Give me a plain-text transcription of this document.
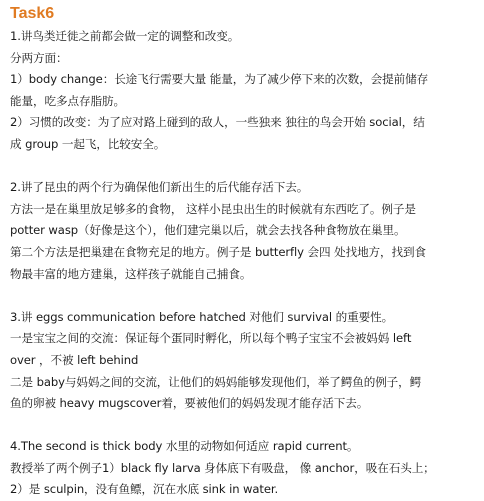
Task6
1.讲鸟类迁徙之前都会做一定的调整和改变。
分两方面：
1）body change：长途飞行需要大量 能量，为了减少停下来的次数，会提前储存
能量，吃多点存脂肪。
2）习惯的改变：为了应对路上碰到的敌人，一些独来 独往的鸟会开始 social，结
成 group 一起飞，比较安全。
2.讲了昆虫的两个行为确保他们新出生的后代能存活下去。
方法一是在巢里放足够多的食物， 这样小昆虫出生的时候就有东西吃了。例子是
potter wasp（好像是这个），他们建完巢以后，就会去找各种食物放在巢里。
第二个方法是把巢建在食物充足的地方。例子是 butterfly 会四 处找地方，找到食
物最丰富的地方建巢，这样孩子就能自己捕食。
3.讲 eggs communication before hatched 对他们 survival 的重要性。
一是宝宝之间的交流：保证每个蛋同时孵化，所以每个鸭子宝宝不会被妈妈 left
over ，不被 left behind
二是 baby与妈妈之间的交流，让他们的妈妈能够发现他们，举了鳄鱼的例子，鳄
鱼的卵被 heavy mugscover着，要被他们的妈妈发现才能存活下去。
4.The second is thick body 水里的动物如何适应 rapid current。
教授举了两个例子1）black fly larva 身体底下有吸盘， 像 anchor，吸在石头上；
2）是 sculpin，没有鱼鳔，沉在水底 sink in water.
